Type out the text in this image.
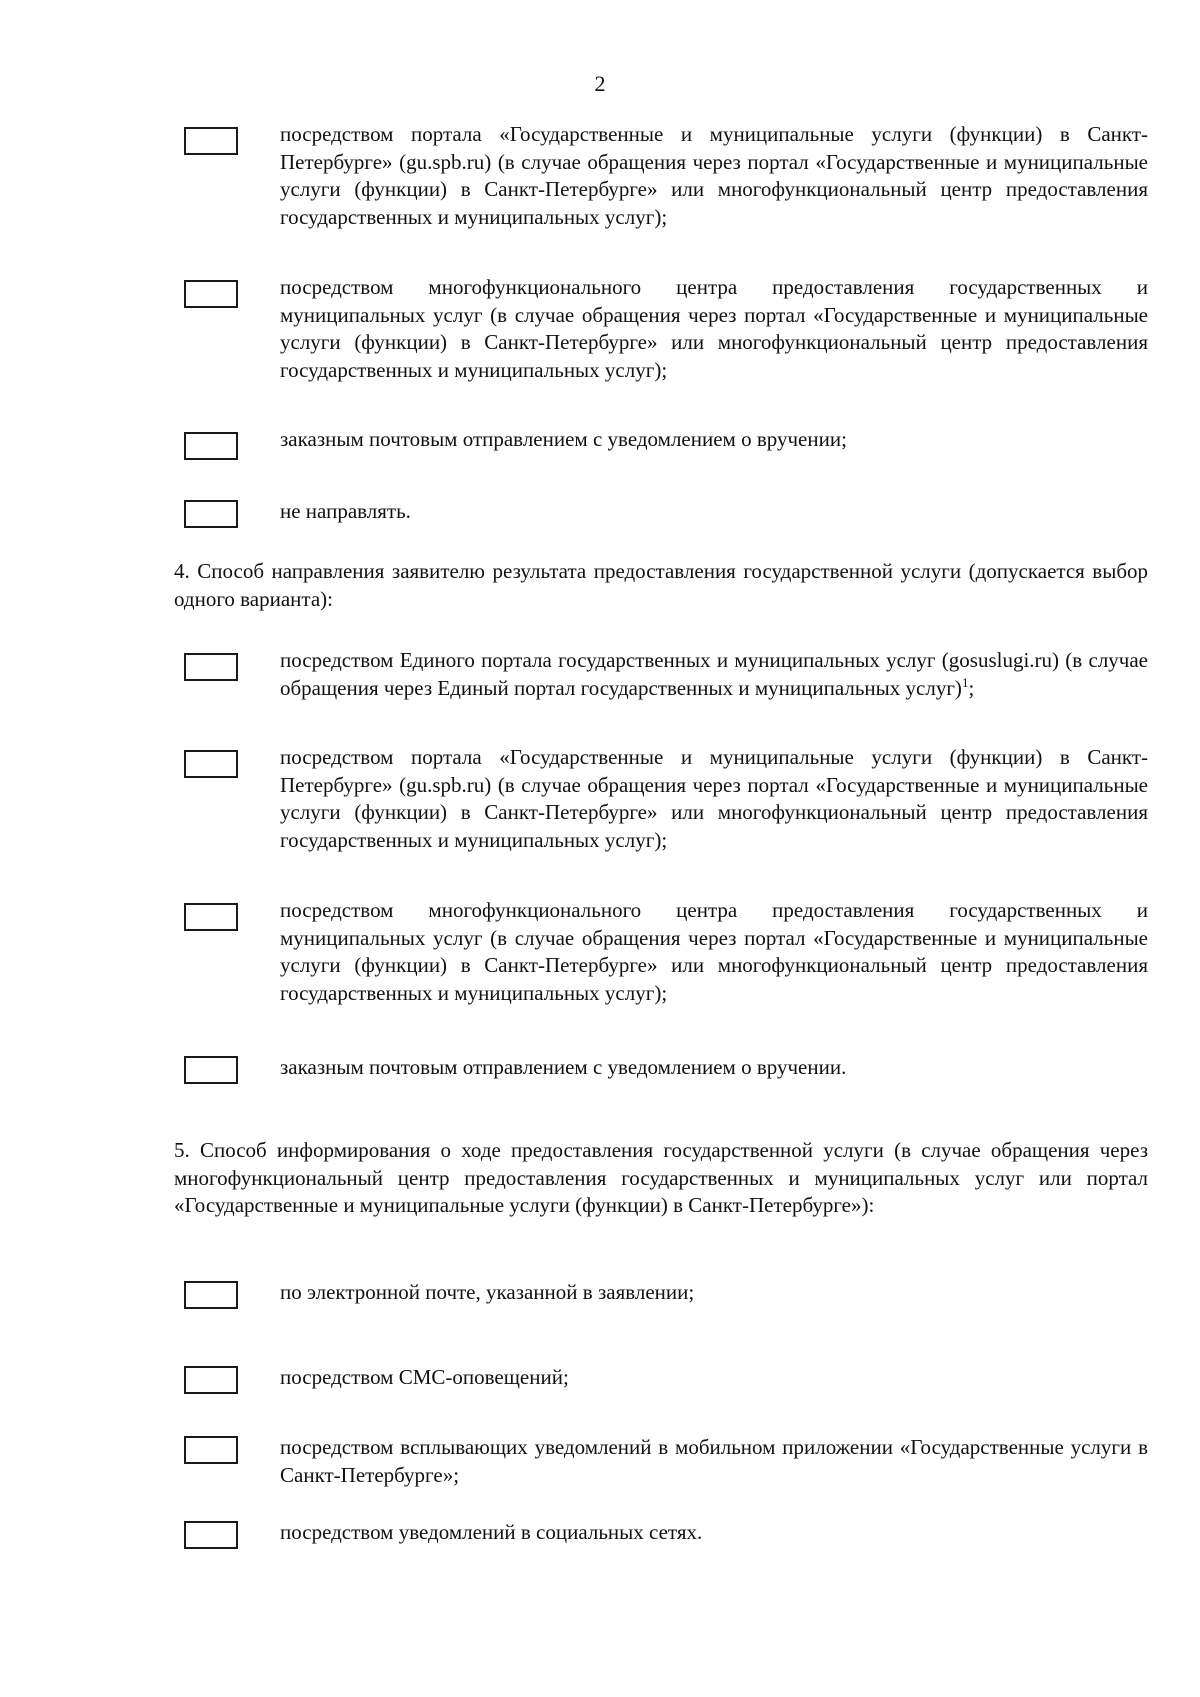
2

посредством портала «Государственные и муниципальные услуги (функции) в Санкт-Петербурге» (gu.spb.ru) (в случае обращения через портал «Государственные и муниципальные услуги (функции) в Санкт-Петербурге» или многофункциональный центр предоставления государственных и муниципальных услуг);

посредством многофункционального центра предоставления государственных и муниципальных услуг (в случае обращения через портал «Государственные и муниципальные услуги (функции) в Санкт-Петербурге» или многофункциональный центр предоставления государственных и муниципальных услуг);

заказным почтовым отправлением с уведомлением о вручении;

не направлять.

4. Способ направления заявителю результата предоставления государственной услуги (допускается выбор одного варианта):

посредством Единого портала государственных и муниципальных услуг (gosuslugi.ru) (в случае обращения через Единый портал государственных и муниципальных услуг)$^1$;

посредством портала «Государственные и муниципальные услуги (функции) в Санкт-Петербурге» (gu.spb.ru) (в случае обращения через портал «Государственные и муниципальные услуги (функции) в Санкт-Петербурге» или многофункциональный центр предоставления государственных и муниципальных услуг);

посредством многофункционального центра предоставления государственных и муниципальных услуг (в случае обращения через портал «Государственные и муниципальные услуги (функции) в Санкт-Петербурге» или многофункциональный центр предоставления государственных и муниципальных услуг);

заказным почтовым отправлением с уведомлением о вручении.

5. Способ информирования о ходе предоставления государственной услуги (в случае обращения через многофункциональный центр предоставления государственных и муниципальных услуг или портал «Государственные и муниципальные услуги (функции) в Санкт-Петербурге»):

по электронной почте, указанной в заявлении;

посредством СМС-оповещений;

посредством всплывающих уведомлений в мобильном приложении «Государственные услуги в Санкт-Петербурге»;

посредством уведомлений в социальных сетях.
